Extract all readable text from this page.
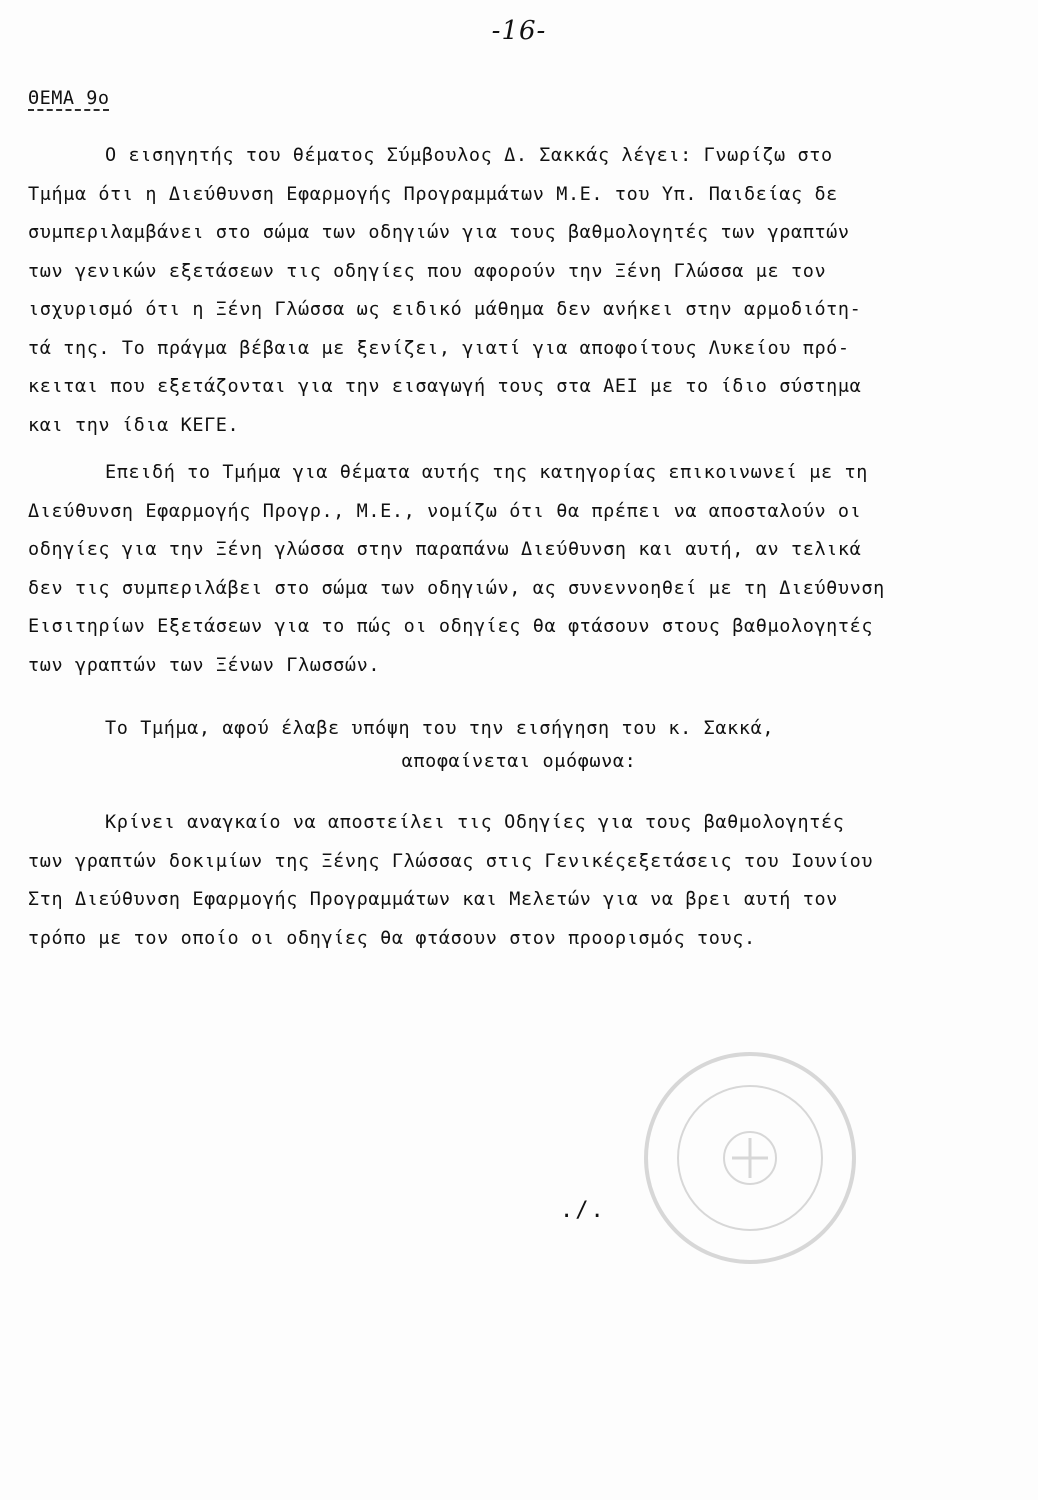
-16-
ΘΕΜΑ 9ο
Ο εισηγητής του θέματος Σύμβουλος Δ. Σακκάς λέγει: Γνωρίζω στο
Τμήμα ότι η Διεύθυνση Εφαρμογής Προγραμμάτων Μ.Ε. του Υπ. Παιδείας δε
συμπεριλαμβάνει στο σώμα των οδηγιών για τους βαθμολογητές των γραπτών
των γενικών εξετάσεων τις οδηγίες που αφορούν την Ξένη Γλώσσα με τον
ισχυρισμό ότι η Ξένη Γλώσσα ως ειδικό μάθημα δεν ανήκει στην αρμοδιότη-
τά της. Το πράγμα βέβαια με ξενίζει, γιατί για αποφοίτους Λυκείου πρό-
κειται που εξετάζονται για την εισαγωγή τους στα ΑΕΙ με το ίδιο σύστημα
και την ίδια ΚΕΓΕ.
Επειδή το Τμήμα για θέματα αυτής της κατηγορίας επικοινωνεί με τη
Διεύθυνση Εφαρμογής Προγρ., Μ.Ε., νομίζω ότι θα πρέπει να αποσταλούν οι
οδηγίες για την Ξένη γλώσσα στην παραπάνω Διεύθυνση και αυτή, αν τελικά
δεν τις συμπεριλάβει στο σώμα των οδηγιών, ας συνεννοηθεί με τη Διεύθυνση
Εισιτηρίων Εξετάσεων για το πώς οι οδηγίες θα φτάσουν στους βαθμολογητές
των γραπτών των Ξένων Γλωσσών.
Το Τμήμα, αφού έλαβε υπόψη του την εισήγηση του κ. Σακκά,
αποφαίνεται ομόφωνα:
Κρίνει αναγκαίο να αποστείλει τις Οδηγίες για τους βαθμολογητές
των γραπτών δοκιμίων της Ξένης Γλώσσας στις Γενικέςεξετάσεις του Ιουνίου
Στη Διεύθυνση Εφαρμογής Προγραμμάτων και Μελετών για να βρει αυτή τον
τρόπο με τον οποίο οι οδηγίες θα φτάσουν στον προορισμός τους.
./.
